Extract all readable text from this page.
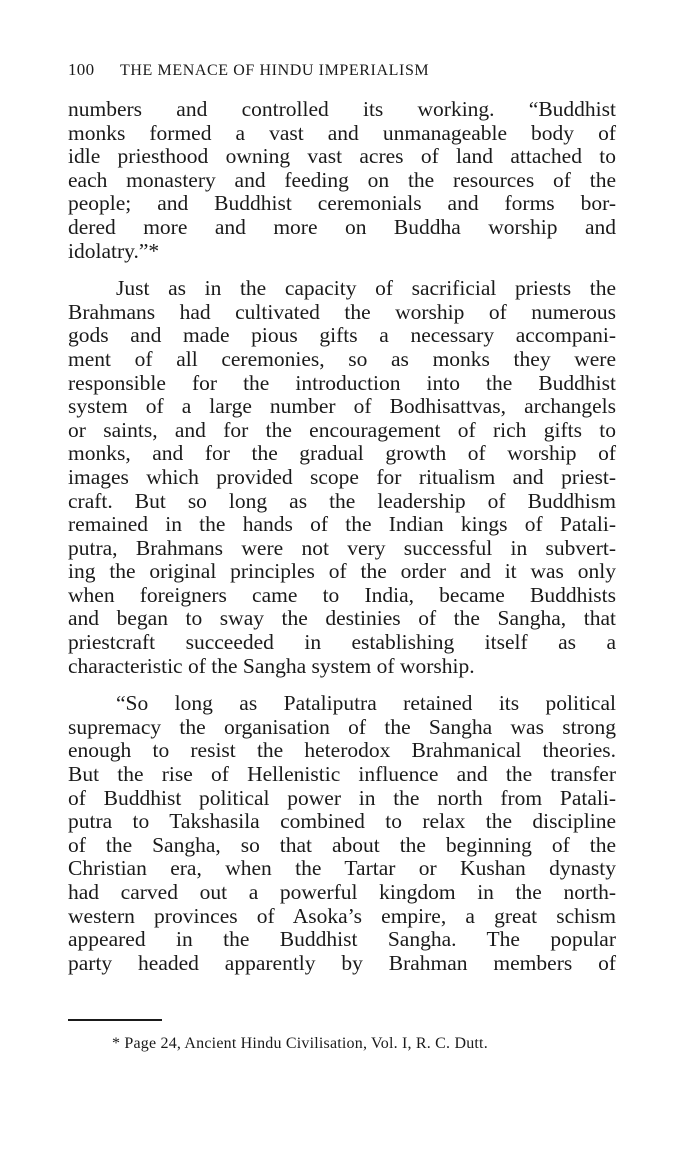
100 THE MENACE OF HINDU IMPERIALISM
numbers and controlled its working. “Buddhist
monks formed a vast and unmanageable body of
idle priesthood owning vast acres of land attached to
each monastery and feeding on the resources of the
people; and Buddhist ceremonials and forms bor-
dered more and more on Buddha worship and
idolatry.”*
Just as in the capacity of sacrificial priests the
Brahmans had cultivated the worship of numerous
gods and made pious gifts a necessary accompani-
ment of all ceremonies, so as monks they were
responsible for the introduction into the Buddhist
system of a large number of Bodhisattvas, archangels
or saints, and for the encouragement of rich gifts to
monks, and for the gradual growth of worship of
images which provided scope for ritualism and priest-
craft. But so long as the leadership of Buddhism
remained in the hands of the Indian kings of Patali-
putra, Brahmans were not very successful in subvert-
ing the original principles of the order and it was only
when foreigners came to India, became Buddhists
and began to sway the destinies of the Sangha, that
priestcraft succeeded in establishing itself as a
characteristic of the Sangha system of worship.
“So long as Pataliputra retained its political
supremacy the organisation of the Sangha was strong
enough to resist the heterodox Brahmanical theories.
But the rise of Hellenistic influence and the transfer
of Buddhist political power in the north from Patali-
putra to Takshasila combined to relax the discipline
of the Sangha, so that about the beginning of the
Christian era, when the Tartar or Kushan dynasty
had carved out a powerful kingdom in the north-
western provinces of Asoka’s empire, a great schism
appeared in the Buddhist Sangha. The popular
party headed apparently by Brahman members of
* Page 24, Ancient Hindu Civilisation, Vol. I, R. C. Dutt.
